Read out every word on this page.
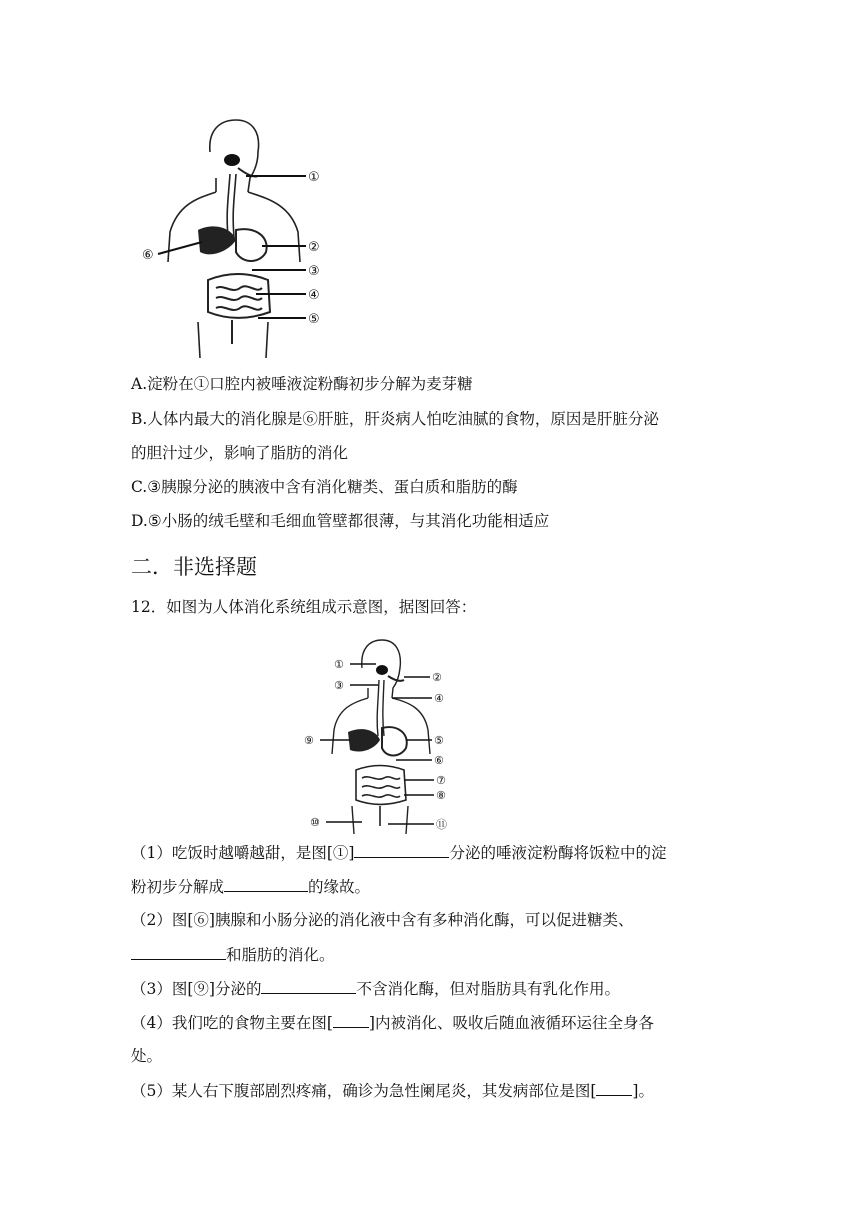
①
②
③
④
⑤
⑥
A.淀粉在①口腔内被唾液淀粉酶初步分解为麦芽糖
B.人体内最大的消化腺是⑥肝脏，肝炎病人怕吃油腻的食物，原因是肝脏分泌
的胆汁过少，影响了脂肪的消化
C.③胰腺分泌的胰液中含有消化糖类、蛋白质和脂肪的酶
D.⑤小肠的绒毛壁和毛细血管壁都很薄，与其消化功能相适应
二．非选择题
12．如图为人体消化系统组成示意图，据图回答：
①
②
③
④
⑤
⑥
⑦
⑧
⑨
⑩	⑪
（1）吃饭时越嚼越甜，是图[①]	分泌的唾液淀粉酶将饭粒中的淀
粉初步分解成	的缘故。
（2）图[⑥]胰腺和小肠分泌的消化液中含有多种消化酶，可以促进糖类、
和脂肪的消化。
（3）图[⑨]分泌的	不含消化酶，但对脂肪具有乳化作用。
（4）我们吃的食物主要在图[ ]内被消化、吸收后随血液循环运往全身各
处。
（5）某人右下腹部剧烈疼痛，确诊为急性阑尾炎，其发病部位是图[ ]。
